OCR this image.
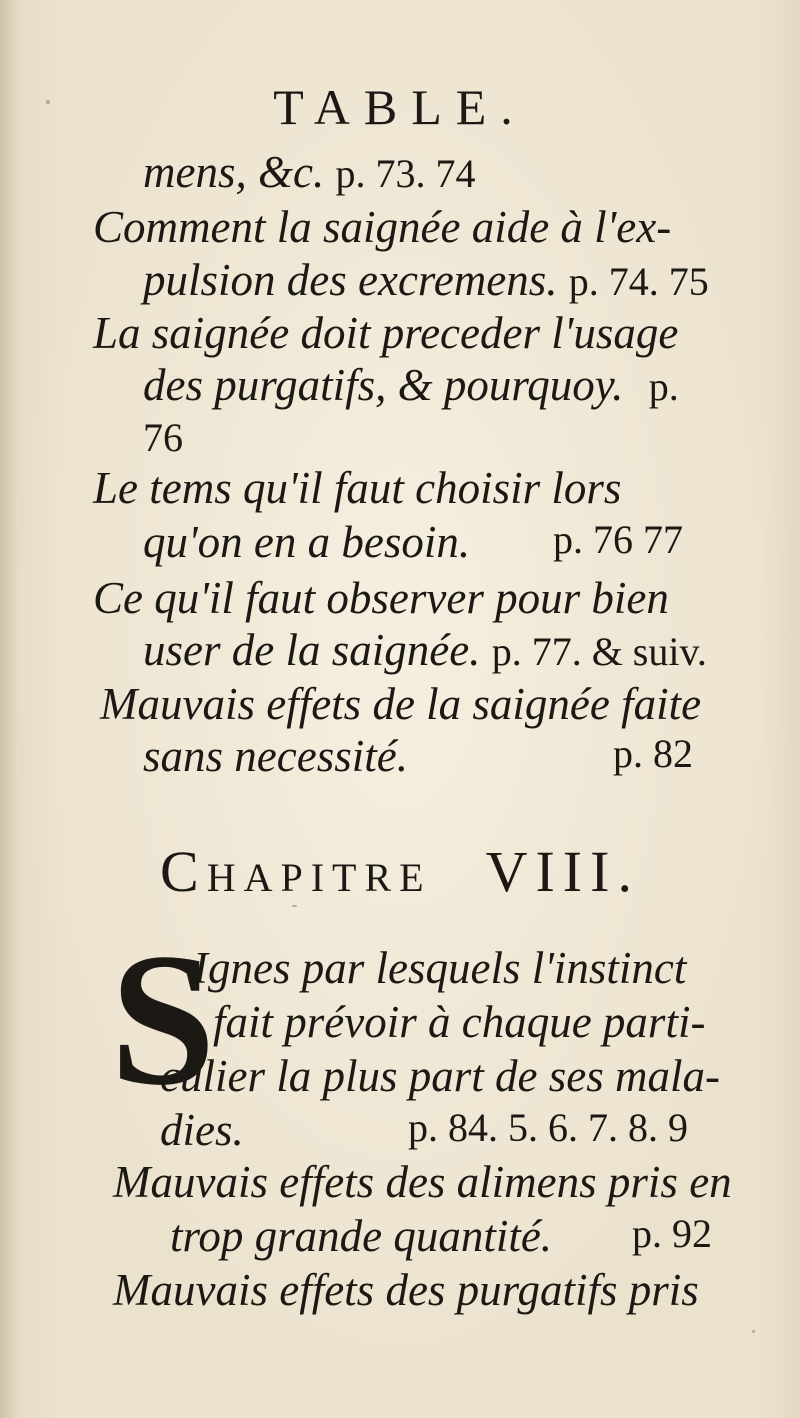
TABLE.
mens, &c. p. 73. 74
Comment la saignée aide à l'ex-
pulsion des excremens. p. 74. 75
La saignée doit preceder l'usage
des purgatifs, & pourquoy. p.
76
Le tems qu'il faut choisir lors
qu'on en a besoin. p. 76 77
Ce qu'il faut observer pour bien
user de la saignée. p. 77. & suiv.
Mauvais effets de la saignée faite
sans necessité.	p. 82
CHAPITRE VIII.
S
Ignes par lesquels l'instinct
fait prévoir à chaque parti-
culier la plus part de ses mala-
dies.	p. 84. 5. 6. 7. 8. 9
Mauvais effets des alimens pris en
trop grande quantité. p. 92
Mauvais effets des purgatifs pris
